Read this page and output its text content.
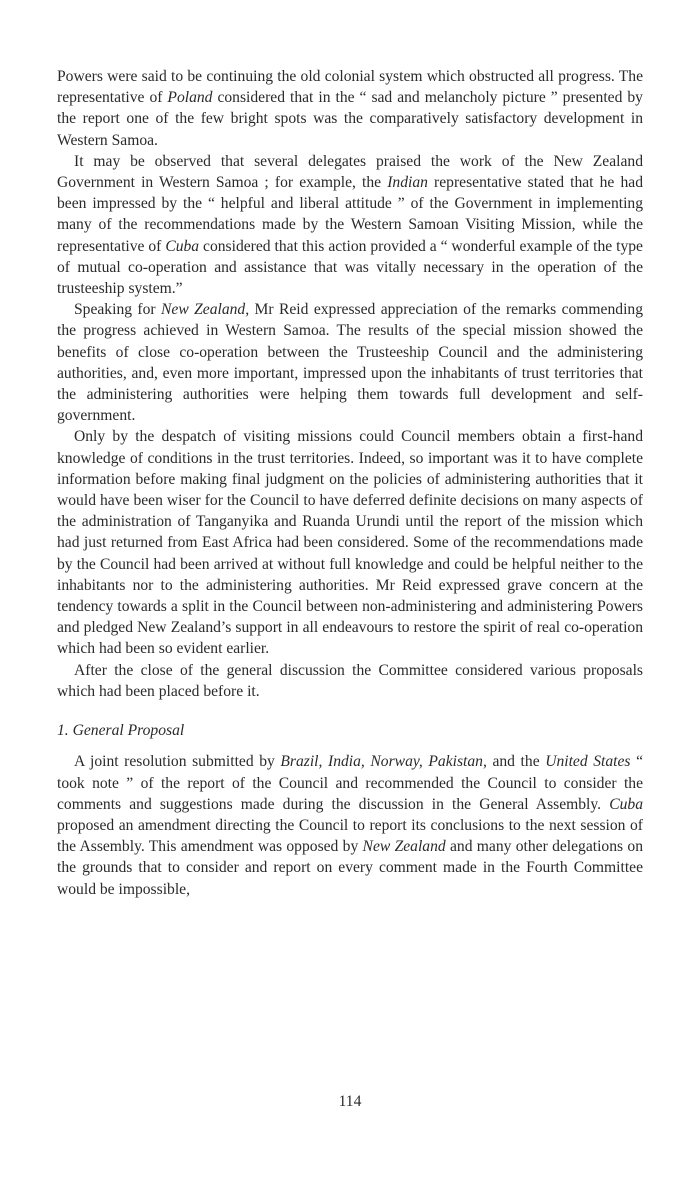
Powers were said to be continuing the old colonial system which obstructed all progress. The representative of Poland considered that in the “ sad and melancholy picture ” presented by the report one of the few bright spots was the comparatively satisfactory development in Western Samoa.

It may be observed that several delegates praised the work of the New Zealand Government in Western Samoa ; for example, the Indian representative stated that he had been impressed by the “ helpful and liberal attitude ” of the Government in implementing many of the recommendations made by the Western Samoan Visiting Mission, while the representative of Cuba considered that this action provided a “ wonderful example of the type of mutual co-operation and assistance that was vitally necessary in the operation of the trusteeship system.”

Speaking for New Zealand, Mr Reid expressed appreciation of the remarks commending the progress achieved in Western Samoa. The results of the special mission showed the benefits of close co-operation between the Trusteeship Council and the administering authorities, and, even more important, impressed upon the inhabitants of trust territories that the administering authorities were helping them towards full development and self-government.

Only by the despatch of visiting missions could Council members obtain a first-hand knowledge of conditions in the trust territories. Indeed, so important was it to have complete information before making final judgment on the policies of administering authorities that it would have been wiser for the Council to have deferred definite decisions on many aspects of the administration of Tanganyika and Ruanda Urundi until the report of the mission which had just returned from East Africa had been considered. Some of the recommendations made by the Council had been arrived at without full knowledge and could be helpful neither to the inhabitants nor to the administering authorities. Mr Reid expressed grave concern at the tendency towards a split in the Council between non-administering and administering Powers and pledged New Zealand’s support in all endeavours to restore the spirit of real co-operation which had been so evident earlier.

After the close of the general discussion the Committee considered various proposals which had been placed before it.

1. General Proposal

A joint resolution submitted by Brazil, India, Norway, Pakistan, and the United States “ took note ” of the report of the Council and recommended the Council to consider the comments and suggestions made during the discussion in the General Assembly. Cuba proposed an amendment directing the Council to report its conclusions to the next session of the Assembly. This amendment was opposed by New Zealand and many other delegations on the grounds that to consider and report on every comment made in the Fourth Committee would be impossible,

114
